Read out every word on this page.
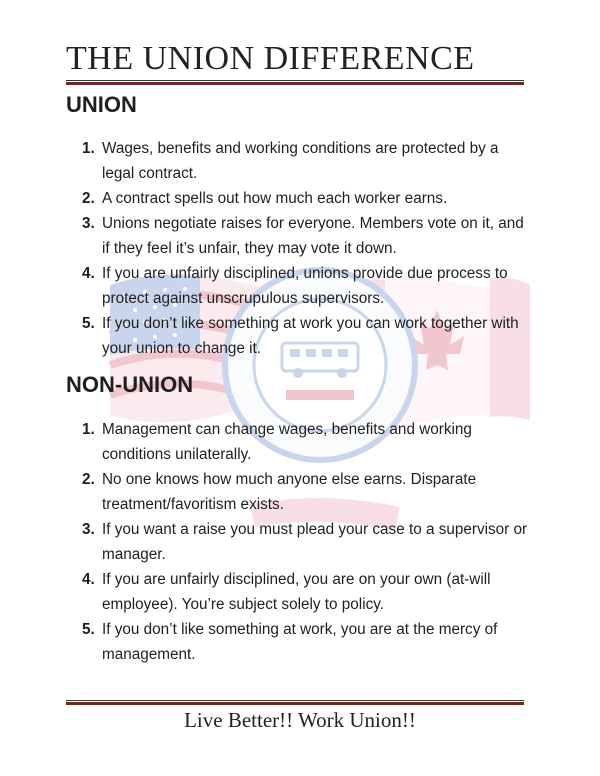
THE UNION DIFFERENCE
UNION
1. Wages, benefits and working conditions are protected by a legal contract.
2. A contract spells out how much each worker earns.
3. Unions negotiate raises for everyone. Members vote on it, and if they feel it’s unfair, they may vote it down.
4. If you are unfairly disciplined, unions provide due process to protect against unscrupulous supervisors.
5. If you don’t like something at work you can work together with your union to change it.
NON-UNION
1. Management can change wages, benefits and working conditions unilaterally.
2. No one knows how much anyone else earns. Disparate treatment/favoritism exists.
3. If you want a raise you must plead your case to a supervisor or manager.
4. If you are unfairly disciplined, you are on your own (at-will employee). You’re subject solely to policy.
5. If you don’t like something at work, you are at the mercy of management.
Live Better!! Work Union!!
